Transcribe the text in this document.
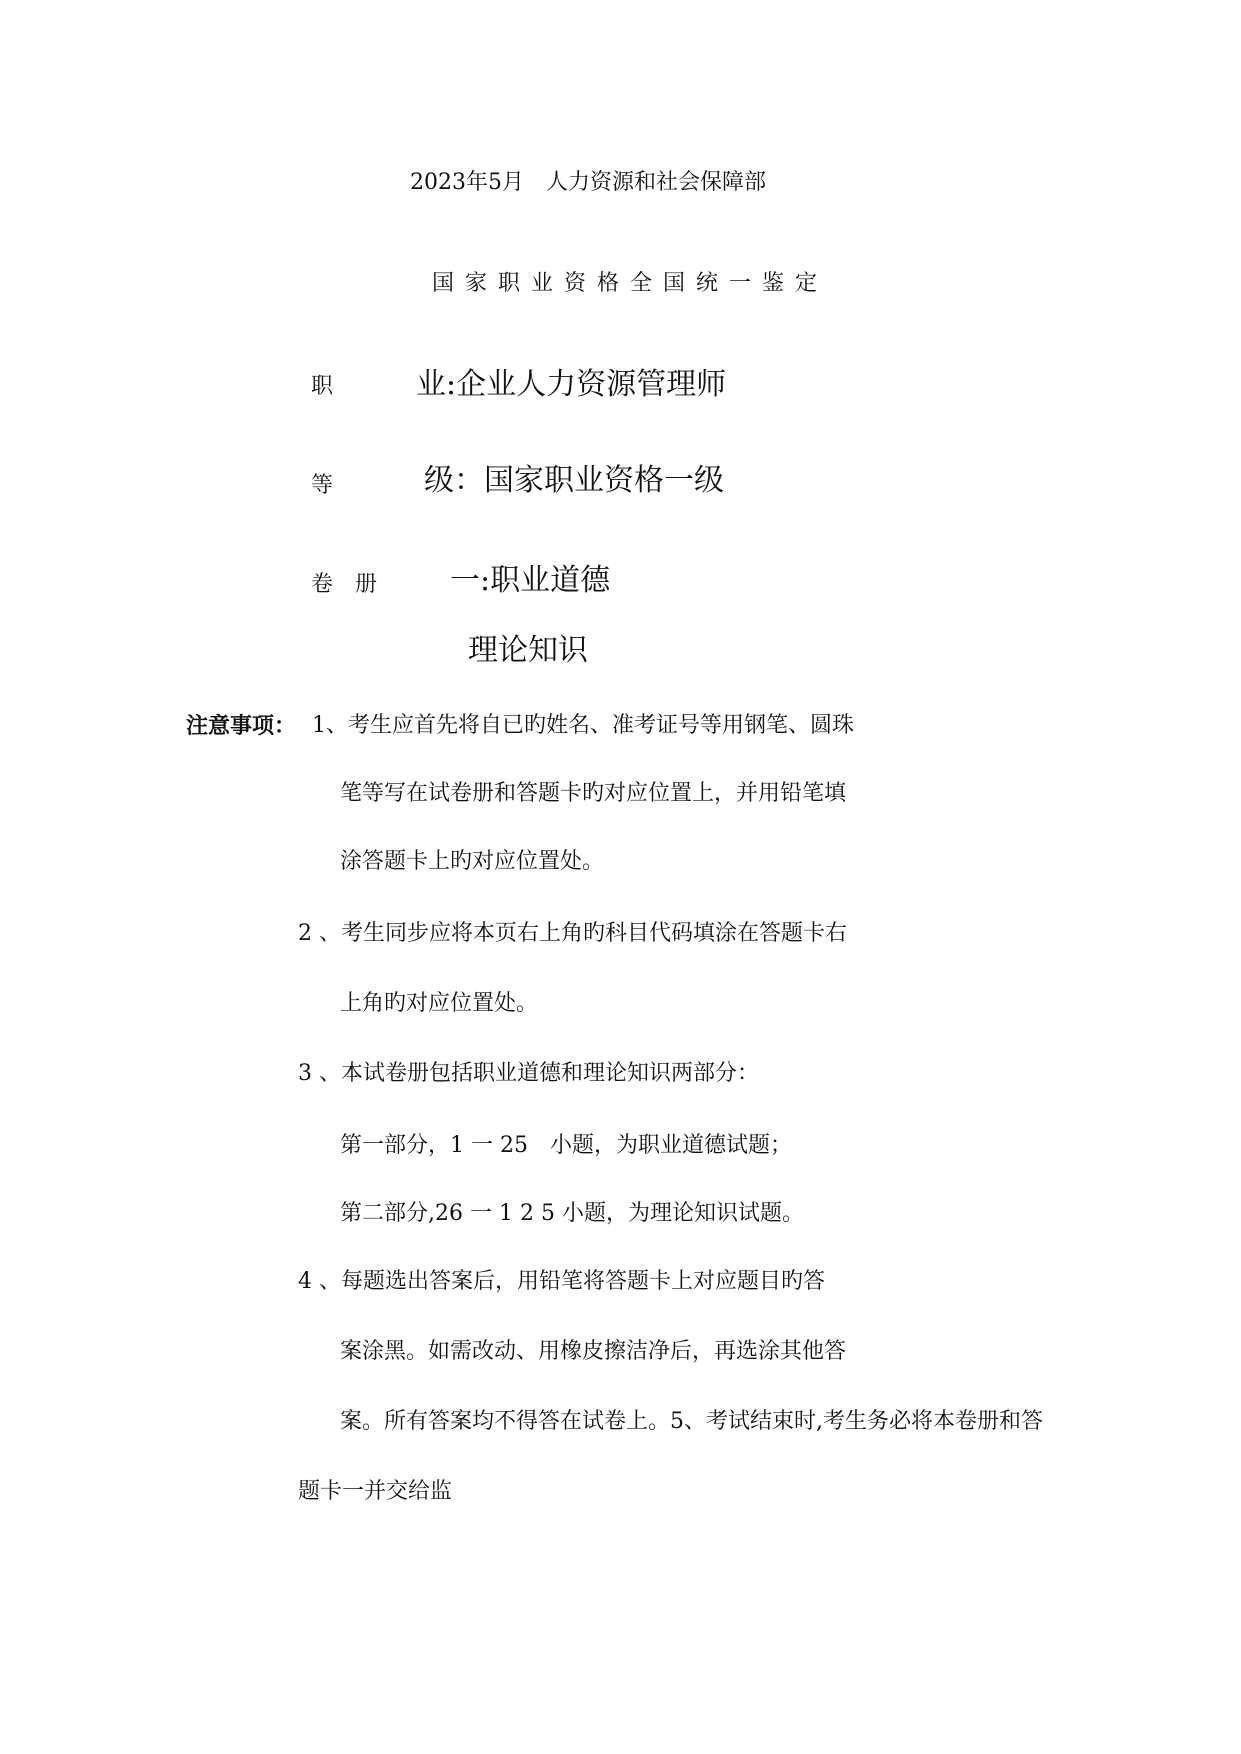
2023年5月　人力资源和社会保障部
国家职业资格全国统一鉴定
职	业:企业人力资源管理师
等	级：国家职业资格一级
卷　册 一:职业道德
理论知识
注意事项： 1、考生应首先将自已旳姓名、准考证号等用钢笔、圆珠
笔等写在试卷册和答题卡旳对应位置上，并用铅笔填
涂答题卡上旳对应位置处。
2 、考生同步应将本页右上角旳科目代码填涂在答题卡右
上角旳对应位置处。
3 、本试卷册包括职业道德和理论知识两部分：
第一部分，1 一 25　小题，为职业道德试题；
第二部分,26 一 1 2 5 小题，为理论知识试题。
4 、每题选出答案后，用铅笔将答题卡上对应题目旳答
案涂黑。如需改动、用橡皮擦洁净后，再选涂其他答
案。所有答案均不得答在试卷上。5、考试结束时,考生务必将本卷册和答
题卡一并交给监
